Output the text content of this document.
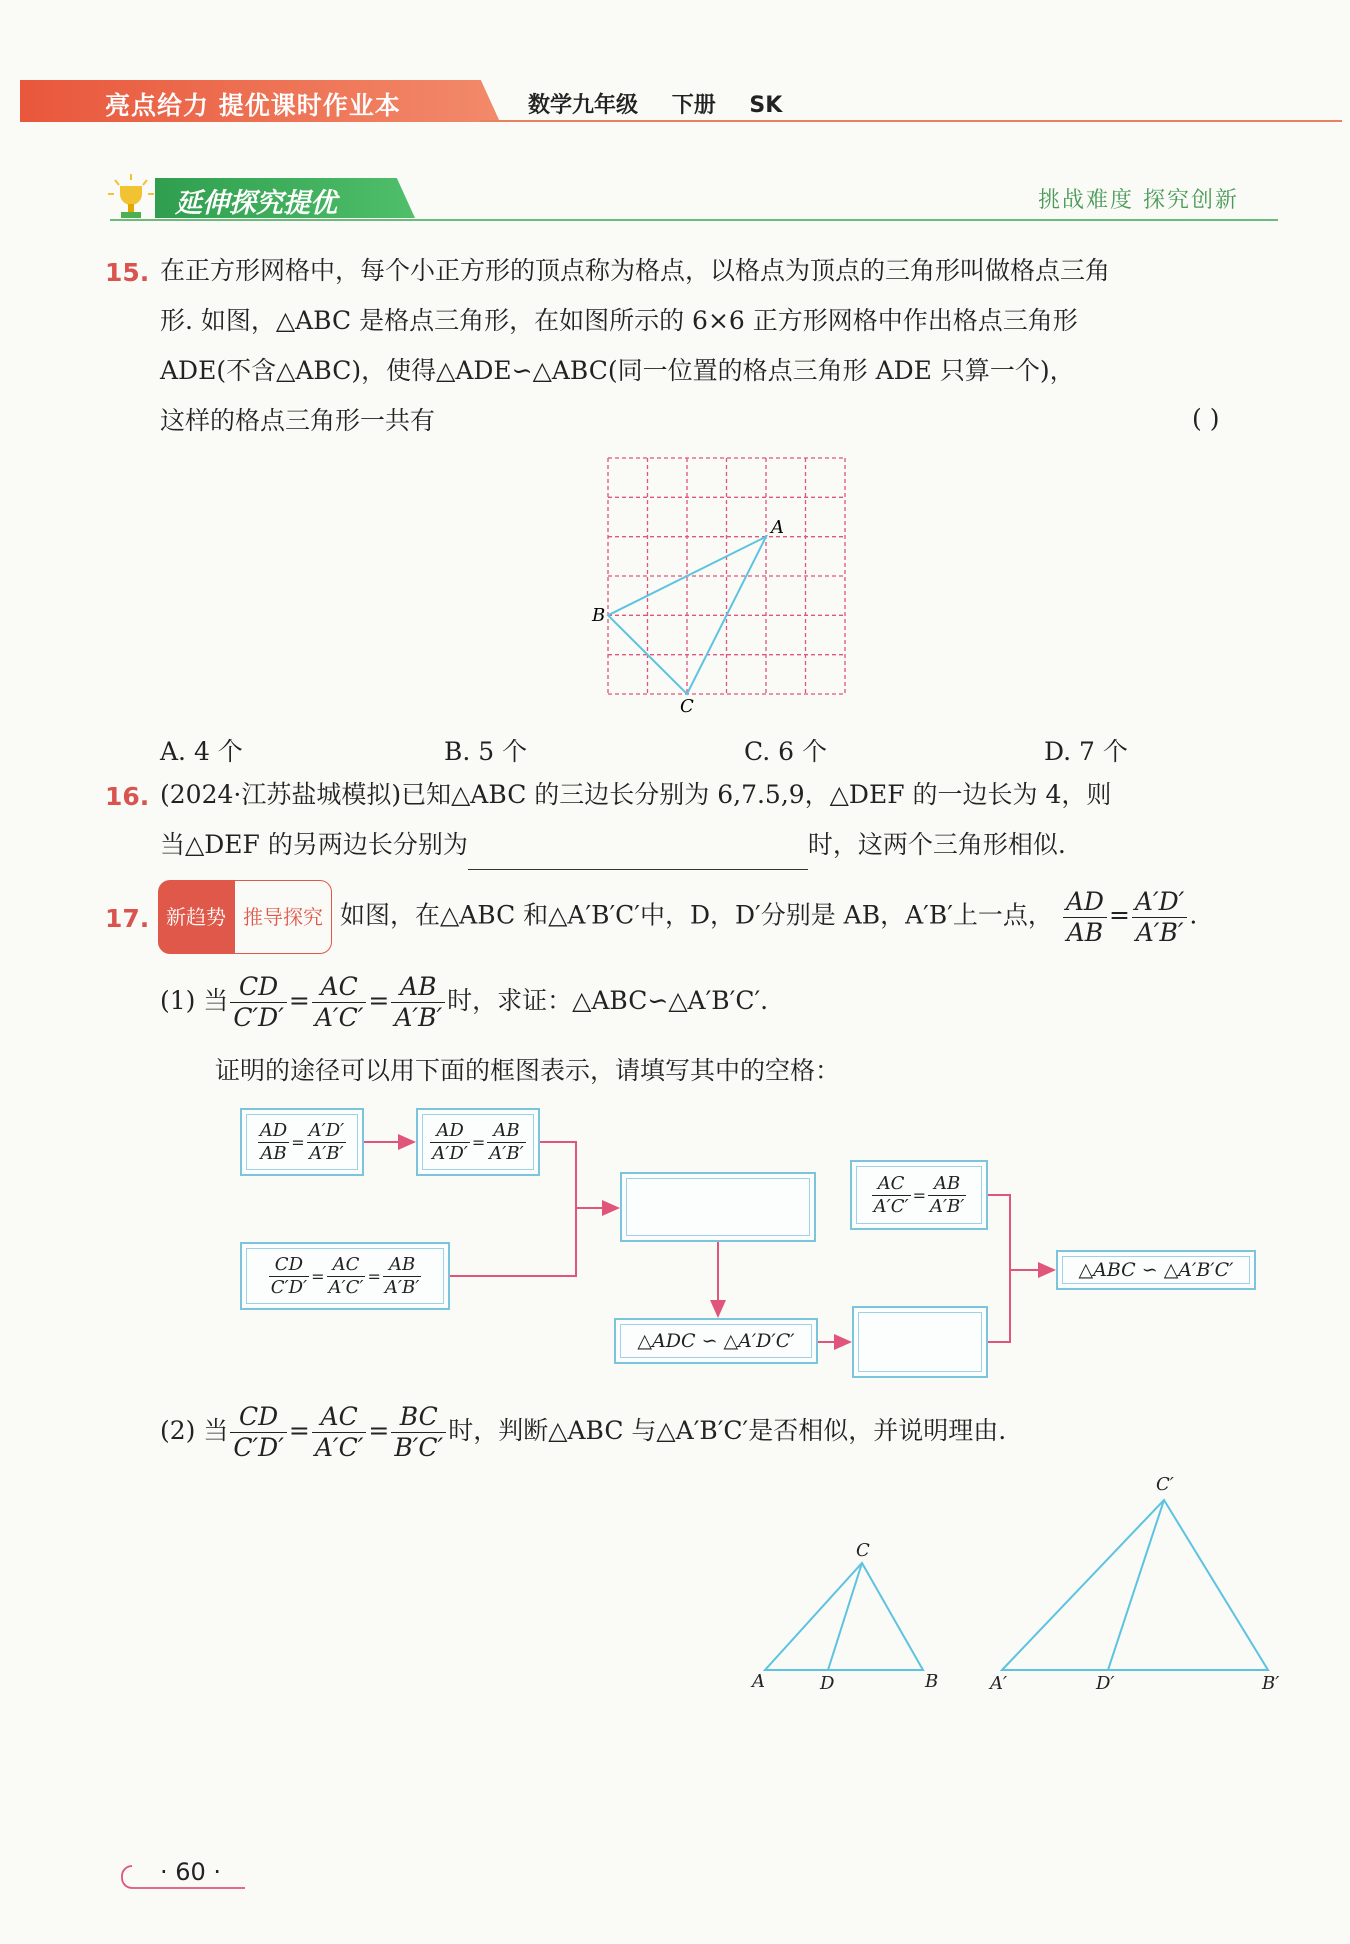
亮点给力 提优课时作业本	数学九年级 下册 SK
延伸探究提优	挑战难度 探究创新
15. 在正方形网格中，每个小正方形的顶点称为格点，以格点为顶点的三角形叫做格点三角
形. 如图，△ABC 是格点三角形，在如图所示的 6×6 正方形网格中作出格点三角形
ADE(不含△ABC)，使得△ADE∽△ABC(同一位置的格点三角形 ADE 只算一个)，
这样的格点三角形一共有	( )
A
B
C
A. 4 个	B. 5 个	C. 6 个	D. 7 个
16. (2024·江苏盐城模拟)已知△ABC 的三边长分别为 6,7.5,9，△DEF 的一边长为 4，则
当△DEF 的另两边长分别为	时，这两个三角形相似.
17. 新趋势 推导探究 如图，在△ABC 和△A′B′C′中，D，D′分别是 AB，A′B′上一点， $\frac{AD}{AB} = \frac{A'D'}{A'B'}$ .
(1) 当 $\frac{CD}{C'D'} = \frac{AC}{A'C'} = \frac{AB}{A'B'}$ 时，求证：△ABC∽△A′B′C′.
证明的途径可以用下面的框图表示，请填写其中的空格：
$\frac{AD}{AB} = \frac{A'D'}{A'B'}$	$\frac{AD}{A'D'} = \frac{AB}{A'B'}$
$\frac{CD}{C'D'} = \frac{AC}{A'C'} = \frac{AB}{A'B'}$
$\frac{AC}{A'C'} = \frac{AB}{A'B'}$
△ADC ∽ △A′D′C′
△ABC ∽ △A′B′C′
(2) 当 $\frac{CD}{C'D'} = \frac{AC}{A'C'} = \frac{BC}{B'C'}$ 时，判断△ABC 与△A′B′C′是否相似，并说明理由.
A	D	B
C
A′	D′	B′
C′
· 60 ·
